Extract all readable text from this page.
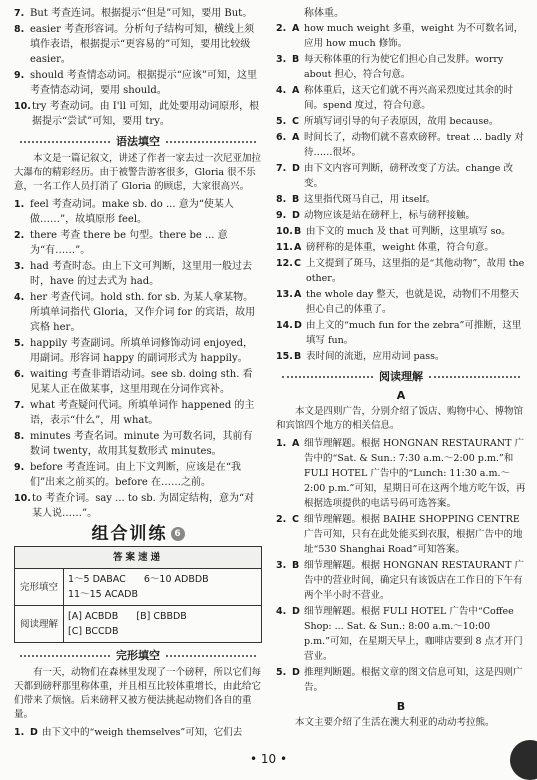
7. But 考查连词。根据提示“但是”可知，要用 But。
8. easier 考查形容词。分析句子结构可知，横线上须填作表语，根据提示“更容易的”可知，要用比较级 easier。
9. should 考查情态动词。根据提示“应该”可知，这里考查情态动词，要用 should。
10. try 考查动词。由 I'll 可知，此处要用动词原形，根据提示“尝试”可知，要用 try。
语法填空
本文是一篇记叙文，讲述了作者一家去过一次尼亚加拉大瀑布的精彩经历。由于被警告游客很多，Gloria 很不乐意，一名工作人员打消了 Gloria 的顾虑，大家很高兴。
1. feel 考查动词。make sb. do ... 意为“使某人做……”，故填原形 feel。
2. there 考查 there be 句型。there be ... 意为“有……”。
3. had 考查时态。由上下文可判断，这里用一般过去时，have 的过去式为 had。
4. her 考查代词。hold sth. for sb. 为某人拿某物。所填单词指代 Gloria，又作介词 for 的宾语，故用宾格 her。
5. happily 考查副词。所填单词修饰动词 enjoyed，用副词。形容词 happy 的副词形式为 happily。
6. waiting 考查非谓语动词。see sb. doing sth. 看见某人正在做某事，这里用现在分词作宾补。
7. what 考查疑问代词。所填单词作 happened 的主语，表示“什么”，用 what。
8. minutes 考查名词。minute 为可数名词，其前有数词 twenty，故用其复数形式 minutes。
9. before 考查连词。由上下文判断，应该是在“我们”出来之前买的。before 在……之前。
10. to 考查介词。say ... to sb. 为固定结构，意为“对某人说……”。
组合训练 6
答案速递	
完形填空	1～5 DABAC      6～10 ADBDB
11～15 ACADB

阅读理解	[A] ACBDB      [B] CBBDB
[C] BCCDB
完形填空
有一天，动物们在森林里发现了一个磅秤，所以它们每天都到磅秤那里称体重，并且相互比较体重增长，由此给它们带来了烦恼。后来磅秤又被方便法挑起动物们各自的重量。
1. D 由下文中的“weigh themselves”可知，它们去
称体重。
2. A how much weight 多重，weight 为不可数名词，应用 how much 修饰。
3. B 每天称体重的行为使它们担心自己发胖。worry about 担心，符合句意。
4. A 称体重后，这天它们就不再兴高采烈度过其余的时间。spend 度过，符合句意。
5. C 所填写词引导的句子表原因，故用 because。
6. A 时间长了，动物们就不喜欢磅秤。treat ... badly 对待……很坏。
7. D 由下文内容可判断，磅秤改变了方法。change 改变。
8. B 这里指代斑马自己，用 itself。
9. D 动物应该是站在磅秤上，标与磅秤接触。
10. B 由下文的 much 及 that 可判断，这里填写 so。
11. A 磅秤称的是体重，weight 体重，符合句意。
12. C 上文提到了斑马，这里指的是“其他动物”，故用 the other。
13. A the whole day 整天，也就是说，动物们不用整天担心自己的体重了。
14. D 由上文的“much fun for the zebra”可推断，这里填写 fun。
15. B 表时间的流逝，应用动词 pass。
阅读理解
A
本文是四则广告，分别介绍了饭店、购物中心、博物馆和宾馆四个地方的相关信息。
1. A 细节理解题。根据 HONGNAN RESTAURANT 广告中的“Sat. & Sun.: 7:30 a.m.～2:00 p.m.”和 FULI HOTEL 广告中的“Lunch: 11:30 a.m.～2:00 p.m.”可知，星期日可在这两个地方吃午饭，再根据选项提供的电话号码可选答案。
2. C 细节理解题。根据 BAIHE SHOPPING CENTRE 广告可知，只有在此处能买到衣服，根据广告中的地址“530 Shanghai Road”可知答案。
3. B 细节理解题。根据 HONGNAN RESTAURANT 广告中的营业时间，确定只有该饭店在工作日的下午有两个半小时不营业。
4. D 细节理解题。根据 FULI HOTEL 广告中“Coffee Shop: ... Sat. & Sun.: 8:00 a.m.～10:00 p.m.”可知，在星期天早上，咖啡店要到 8 点才开门营业。
5. D 推理判断题。根据文章的图文信息可知，这是四则广告。
B
本文主要介绍了生活在澳大利亚的动动考拉熊。
• 10 •
